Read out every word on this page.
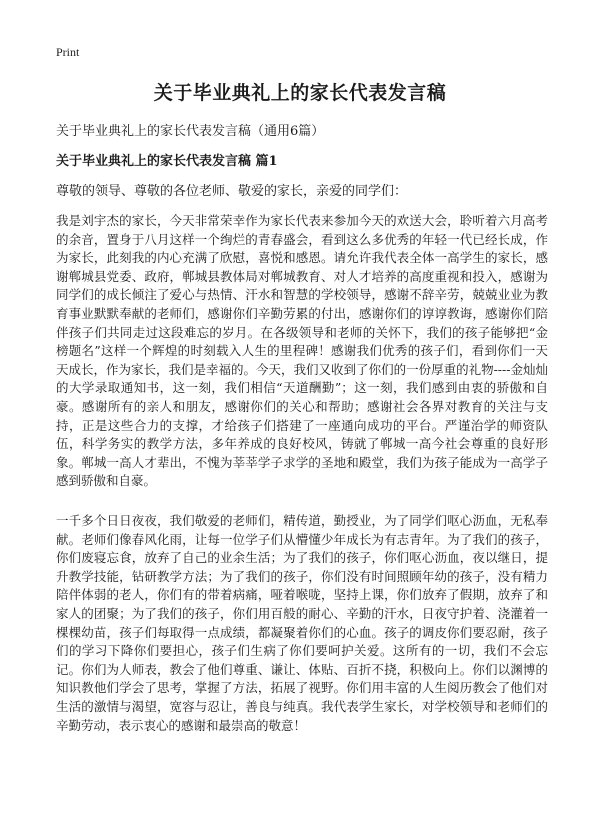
Print
关于毕业典礼上的家长代表发言稿

关于毕业典礼上的家长代表发言稿（通用6篇）

关于毕业典礼上的家长代表发言稿 篇1

尊敬的领导、尊敬的各位老师、敬爱的家长，亲爱的同学们：

我是刘宇杰的家长，今天非常荣幸作为家长代表来参加今天的欢送大会，聆听着六月高考的余音，置身于八月这样一个绚烂的青春盛会，看到这么多优秀的年轻一代已经长成，作为家长，此刻我的内心充满了欣慰，喜悦和感恩。请允许我代表全体一高学生的家长，感谢郸城县党委、政府，郸城县教体局对郸城教育、对人才培养的高度重视和投入，感谢为同学们的成长倾注了爱心与热情、汗水和智慧的学校领导，感谢不辞辛劳，兢兢业业为教育事业默默奉献的老师们，感谢你们辛勤劳累的付出，感谢你们的谆谆教诲，感谢你们陪伴孩子们共同走过这段难忘的岁月。在各级领导和老师的关怀下，我们的孩子能够把“金榜题名”这样一个辉煌的时刻载入人生的里程碑！感谢我们优秀的孩子们，看到你们一天天成长，作为家长，我们是幸福的。今天，我们又收到了你们的一份厚重的礼物----金灿灿的大学录取通知书，这一刻，我们相信“天道酬勤”；这一刻，我们感到由衷的骄傲和自豪。感谢所有的亲人和朋友，感谢你们的关心和帮助；感谢社会各界对教育的关注与支持，正是这些合力的支撑，才给孩子们搭建了一座通向成功的平台。严谨治学的师资队伍，科学务实的教学方法，多年养成的良好校风，铸就了郸城一高今社会尊重的良好形象。郸城一高人才辈出，不愧为莘莘学子求学的圣地和殿堂，我们为孩子能成为一高学子感到骄傲和自豪。

一千多个日日夜夜，我们敬爱的老师们，精传道，勤授业，为了同学们呕心沥血，无私奉献。老师们像春风化雨，让每一位学子们从懵懂少年成长为有志青年。为了我们的孩子，你们废寝忘食，放弃了自己的业余生活；为了我们的孩子，你们呕心沥血，夜以继日，提升教学技能，钻研教学方法；为了我们的孩子，你们没有时间照顾年幼的孩子，没有精力陪伴体弱的老人，你们有的带着病痛，哑着喉咙，坚持上课，你们放弃了假期，放弃了和家人的团聚；为了我们的孩子，你们用百般的耐心、辛勤的汗水，日夜守护着、浇灌着一棵棵幼苗，孩子们每取得一点成绩，都凝聚着你们的心血。孩子的调皮你们要忍耐，孩子们的学习下降你们要担心，孩子们生病了你们要呵护关爱。这所有的一切，我们不会忘记。你们为人师表，教会了他们尊重、谦让、体贴、百折不挠，积极向上。你们以渊博的知识教他们学会了思考，掌握了方法，拓展了视野。你们用丰富的人生阅历教会了他们对生活的激情与渴望，宽容与忍让，善良与纯真。我代表学生家长，对学校领导和老师们的辛勤劳动，表示衷心的感谢和最崇高的敬意！
